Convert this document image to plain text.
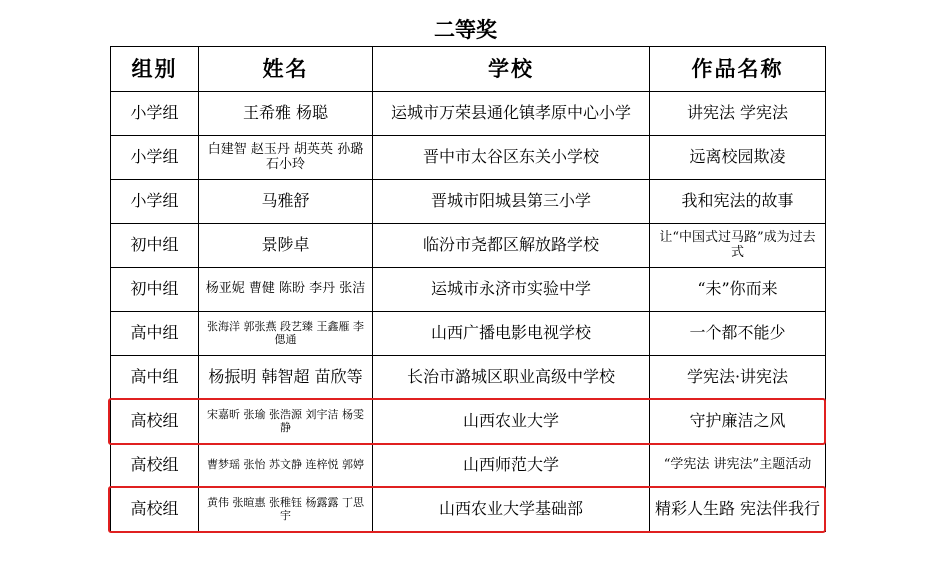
二等奖
组别	姓名	学校	作品名称
小学组	王希雅 杨聪	运城市万荣县通化镇孝原中心小学	讲宪法 学宪法
小学组	白建智 赵玉丹 胡英英 孙璐 石小玲	晋中市太谷区东关小学校	远离校园欺凌
小学组	马雅舒	晋城市阳城县第三小学	我和宪法的故事
初中组	景陟卓	临汾市尧都区解放路学校	让“中国式过马路”成为过去式
初中组	杨亚妮 曹健 陈盼 李丹 张洁	运城市永济市实验中学	“未”你而来
高中组	张海洋 郭张燕 段艺臻 王鑫雁 李偲通	山西广播电影电视学校	一个都不能少
高中组	杨振明 韩智超 苗欣等	长治市潞城区职业高级中学校	学宪法·讲宪法
高校组	宋嘉昕 张瑜 张浩源 刘宇洁 杨雯静	山西农业大学	守护廉洁之风
高校组	曹梦瑶 张怡 苏文静 连梓悦 郭婷	山西师范大学	“学宪法 讲宪法”主题活动
高校组	黄伟 张暄惠 张稚钰 杨露露 丁思宇	山西农业大学基础部	精彩人生路 宪法伴我行
